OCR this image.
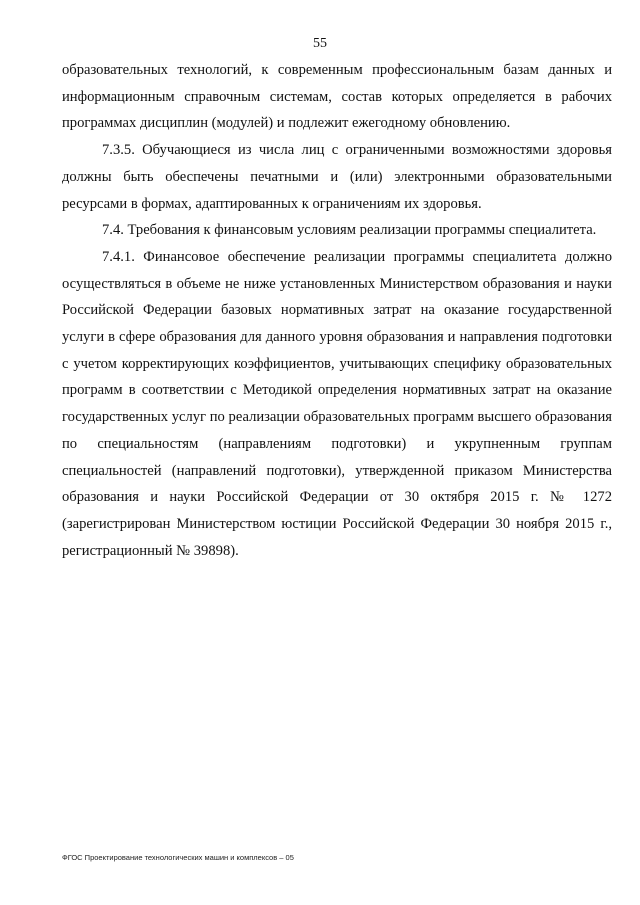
55

образовательных технологий, к современным профессиональным базам данных и информационным справочным системам, состав которых определяется в рабочих программах дисциплин (модулей) и подлежит ежегодному обновлению.

7.3.5. Обучающиеся из числа лиц с ограниченными возможностями здоровья должны быть обеспечены печатными и (или) электронными образовательными ресурсами в формах, адаптированных к ограничениям их здоровья.

7.4. Требования к финансовым условиям реализации программы специалитета.

7.4.1. Финансовое обеспечение реализации программы специалитета должно осуществляться в объеме не ниже установленных Министерством образования и науки Российской Федерации базовых нормативных затрат на оказание государственной услуги в сфере образования для данного уровня образования и направления подготовки с учетом корректирующих коэффициентов, учитывающих специфику образовательных программ в соответствии с Методикой определения нормативных затрат на оказание государственных услуг по реализации образовательных программ высшего образования по специальностям (направлениям подготовки) и укрупненным группам специальностей (направлений подготовки), утвержденной приказом Министерства образования и науки Российской Федерации от 30 октября 2015 г. № 1272 (зарегистрирован Министерством юстиции Российской Федерации 30 ноября 2015 г., регистрационный № 39898).

ФГОС Проектирование технологических машин и комплексов – 05
